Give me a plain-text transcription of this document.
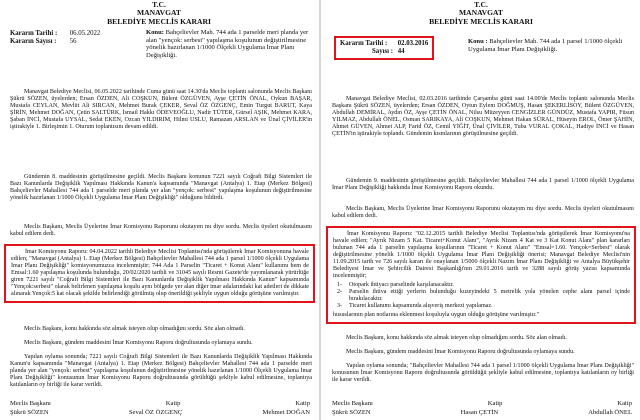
T.C.
MANAVGAT
BELEDİYE MECLİS KARARI
Kararın Tarihi : 06.05.2022
Kararın Sayısı : 56
Konu: Bahçelievler Mah. 744 ada 1 parselde meri planda yer alan "yençok: serbest" yapılaşma koşulunun değiştirilmesine yönelik hazırlanan 1/1000 Ölçekli Uygulama İmar Planı Değişikliği.
Manavgat Belediye Meclisi, 06.05.2022 tarihinde Cuma günü saat 14.30'da Meclis toplantı salonunda Meclis Başkanı Şükrü SÖZEN, üyelerden; Ersan ÖZDEN, Ali COŞKUN, Bülent ÖZGÜVEN, Ayşe ÇETİN ÖNAL, Oykun BAŞAR, Mustafa CEYLAN, Mevlüt Ali SIRCAN, Mehmet Burak ÇEKER, Seval ÖZ ÖZGENÇ, Emin Turgut BARUT, Kaya ŞİRİN, Mehmet DOĞAN, Çetin SALTÜRK, İsmail Hakkı ÖDEVEOĞLU, Nadir TÜTER, Gürsel AŞIK, Mehmet KARA, Şaban İNCİ, Mustafa UYSAL, Sedat EKEN, Ozcan YILDIRIM, Hilmi USLU, Ramazan ARSLAN ve Ünal ÇİVİLER'in iştirakiyle 1. Birleşimin 1. Oturum toplantısını devam edildi.
Gündemin 8. maddesinin görüşülmesine geçildi. Meclis Başkanı konunun 7221 sayılı Coğrafi Bilgi Sistemleri ile Bazı Kanunlarda Değişiklik Yapılması Hakkında Kanun'a kapsamında "Manavgat (Antalya) 1. Etap (Merkez Bölgesi) Bahçelievler Mahallesi 744 ada 1 parselde meri planda yer alan "yençok: serbest" yapılaşma koşulunun değiştirilmesine yönelik hazırlanan 1/1000 Ölçekli Uygulama İmar Planı Değişikliği" olduğunu bildirdi.
Meclis Başkanı, Meclis Üyelerine İmar Komisyonu Raporunu okutayım mı diye sordu. Meclis üyeleri okutulmasını kabul edilem dedi.
İmar Komisyonu Raporu: 04.04.2022 tarihli Belediye Meclisi Toplantısı'nda görüşülerek İmar Komisyonuna havale edilen; "Manavgat (Antalya) 1. Etap (Merkez Bölgesi) Bahçelievler Mahallesi 744 ada 1 parsel 1/1000 ölçekli Uygulama İmar Planı Değişikliği" komisyonumuzca incelenmiştir; 744 Ada 1 Parselin "Ticaret + Konut Alanı" kullanımı hem de Emsal:1.60 yapılaşma koşulunda bulunduğu, 20/02/2020 tarihli ve 31045 sayılı Resmi Gazete'de yayımlanarak yürürlüğe giren 7221 sayılı "Coğrafi Bilgi Sistemleri ile Bazı Kanunlarda Değişiklik Yapılması Hakkında Kanun" kapsamında "Yençok:serbest" olarak belirlenen yapılaşma koşulu aynı bölgede yer alan diğer imar adalarındaki kat adetleri de dikkate alınarak Yençok:5 kat olacak şekilde belirlendiği görülmüş olup önerildiği şekliyle uygun olduğu görüşüne varılmıştır.
Meclis Başkanı, konu hakkında söz almak isteyen olup olmadığını sordu. Söz alan olmadı.
Meclis Başkanı, gündem maddesini İmar Komisyonu Raporu doğrultusunda oylamaya sundu.
Yapılan oylama sonunda; 7221 sayılı Coğrafi Bilgi Sistemleri ile Bazı Kanunlarda Değişiklik Yapılması Hakkında Kanun'u kapsamında "Manavgat (Antalya) 1. Etap (Merkez Bölgesi) Bahçelievler Mahallesi 744 ada 1 parselde meri planda yer alan "yençok: serbest" yapılaşma koşulunun değiştirilmesine yönelik hazırlanan 1/1000 Ölçekli Uygulama İmar Planı Değişikliği" konusunun İmar Komisyonu Raporu doğrultusunda görüldüğü şekliyle kabul edilmesine, toplantıya katılanların oy birliği ile karar verildi.
Meclis Başkanı	Katip	Katip
Şükrü SÖZEN	Seval ÖZ ÖZGENÇ	Mehmet DOĞAN
T.C.
MANAVGAT
BELEDİYE MECLİS KARARI
Kararın Tarihi : 02.03.2016
Sayısı : 44
Konu : Bahçelievler Mah. 744 ada 1 parsel 1/1000 ölçekli Uygulama İmar Planı Değişikliği.
Manavgat Belediye Meclisi, 02.03.2016 tarihinde Çarşamba günü saat 14.00'de Meclis toplantı salonunda Meclis Başkanı Şükrü SÖZEN, üyelerden; Ersan ÖZDEN, Oytun Eylem DOĞMUŞ, Hasan ŞEKERLİSOY, Bülent ÖZGÜVEN, Abdullah DEMİRAL, Aydın ÖZ, Ayşe ÇETİN ÖNAL, Nilsu Müzeyyen CENGİZLER GÜNDÜZ, Mustafa YAPIR, Füsun YILMAZ, Abdullah ÖNEL, Osman SARIKAYA, Ali COŞKUN, Mehmet Hakan SÜRAL, Hüseyin EROL, Ömer ŞAHİN, Ahmet GÜVEN, Ahmet ALP, Farid ÖZ, Cemil YİĞİT, Ünal ÇİVİLER, Tuba VURAL ÇOKAL, Hadiye İNCİ ve Hasan ÇETİN'in iştirakiyle toplandı. Gündemin kısmlarının görüşülmesine geçildi.
Gündemin 9. maddesinin görüşülmesine geçildi. Bahçelievler Mahallesi 744 ada 1 parsel 1/1000 ölçekli Uygulama İmar Planı Değişikliği hakkında İmar Komisyonu Raporu okundu.
Meclis Başkanı, Meclis Üyelerine İmar Komisyonu Raporunu okutayım mı diye sordu. Meclis üyeleri okutulmasını kabul edilem dedi.
İmar Komisyonu Raporu: "02.12.2015 tarihli Belediye Meclisi Toplantısı'nda görüşülerek İmar Komisyonu'na havale edilen; "Ayrık Nizam 5 Kat. Ticaret+Konut Alanı", "Ayrık Nizam 4 Kat ve 3 Kat Konut Alanı" plan kararları bulunan 744 ada 1 parselin yapılaşma koşullarının "Ticaret + Konut Alanı" "Emsal=1.60. Yençok=Serbest" olarak değiştirilmesine yönelik 1/1000 ölçekli Uygulama İmar Planı Değişikliği önerisi; Manavgat Belediye Meclisi'nin 11.09.2015 tarih ve 726 sayılı kararı ile onaylanan 1/5000 ölçekli Nazım İmar Planı Değişikliği ve Antalya Büyükşehir Belediyesi İmar ve Şehircilik Dairesi Başkanlığı'nın 29.01.2016 tarih ve 3288 sayılı görüş yazısı kapsamında incelenmiştir;
1-	Otopark ihtiyacı parselinde karşılanacaktır.
2-	Parselin ihtiva ettiği yerlerin bulunduğu kuzeyindeki 5 metrelik yola yönelen cephe alanı parsel içinde bırakılacaktır.
3-	Ticaret kullanımı kapsamında alışveriş merkezi yapılamaz.
hususlarının plan notlarına eklenmesi koşuluyla uygun olduğu görüşüne varılmıştır."
Meclis Başkanı, konu hakkında söz almak isteyen olup olmadığını sordu. Söz alan olmadı.
Meclis Başkanı, gündem maddesini İmar Komisyonu Raporu doğrultusunda oylamaya sundu.
Yapılan oylama sonunda; "Bahçelievler Mahallesi 744 ada 1 parsel 1/1000 ölçekli Uygulama İmar Planı Değişikliği" konusunun İmar Komisyonu Raporu doğrultusunda görüldüğü şekliyle kabul edilmesine, toplantıya katılanların oy birliği ile karar verildi.
Meclis Başkanı	Katip	Katip
Şükrü SÖZEN	Hasan ÇETİN	Abdullah ÖNEL
